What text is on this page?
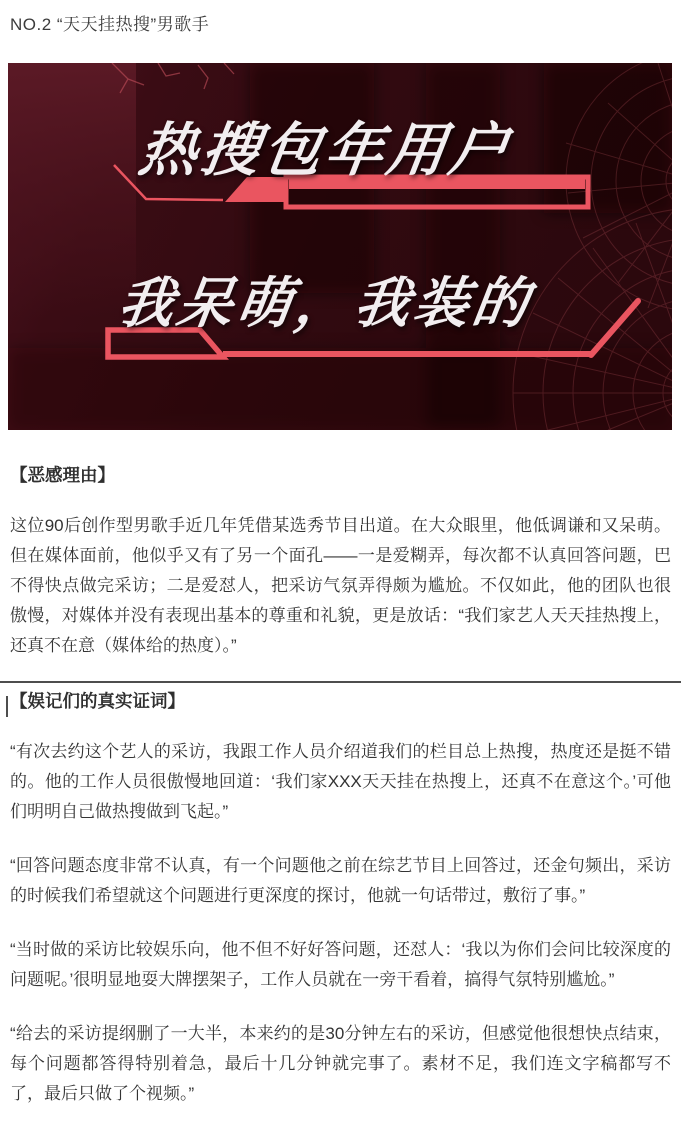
NO.2 “天天挂热搜”男歌手
热搜包年用户
我呆萌，我装的
【恶感理由】

这位90后创作型男歌手近几年凭借某选秀节目出道。在大众眼里，他低调谦和又呆萌。但在媒体面前，他似乎又有了另一个面孔——一是爱糊弄，每次都不认真回答问题，巴不得快点做完采访；二是爱怼人，把采访气氛弄得颇为尴尬。不仅如此，他的团队也很傲慢，对媒体并没有表现出基本的尊重和礼貌，更是放话：“我们家艺人天天挂热搜上，还真不在意（媒体给的热度）。”

【娱记们的真实证词】

“有次去约这个艺人的采访，我跟工作人员介绍道我们的栏目总上热搜，热度还是挺不错的。他的工作人员很傲慢地回道：‘我们家XXX天天挂在热搜上，还真不在意这个。’可他们明明自己做热搜做到飞起。”

“回答问题态度非常不认真，有一个问题他之前在综艺节目上回答过，还金句频出，采访的时候我们希望就这个问题进行更深度的探讨，他就一句话带过，敷衍了事。”

“当时做的采访比较娱乐向，他不但不好好答问题，还怼人：‘我以为你们会问比较深度的问题呢。’很明显地耍大牌摆架子，工作人员就在一旁干看着，搞得气氛特别尴尬。”

“给去的采访提纲删了一大半，本来约的是30分钟左右的采访，但感觉他很想快点结束，每个问题都答得特别着急，最后十几分钟就完事了。素材不足，我们连文字稿都写不了，最后只做了个视频。”
